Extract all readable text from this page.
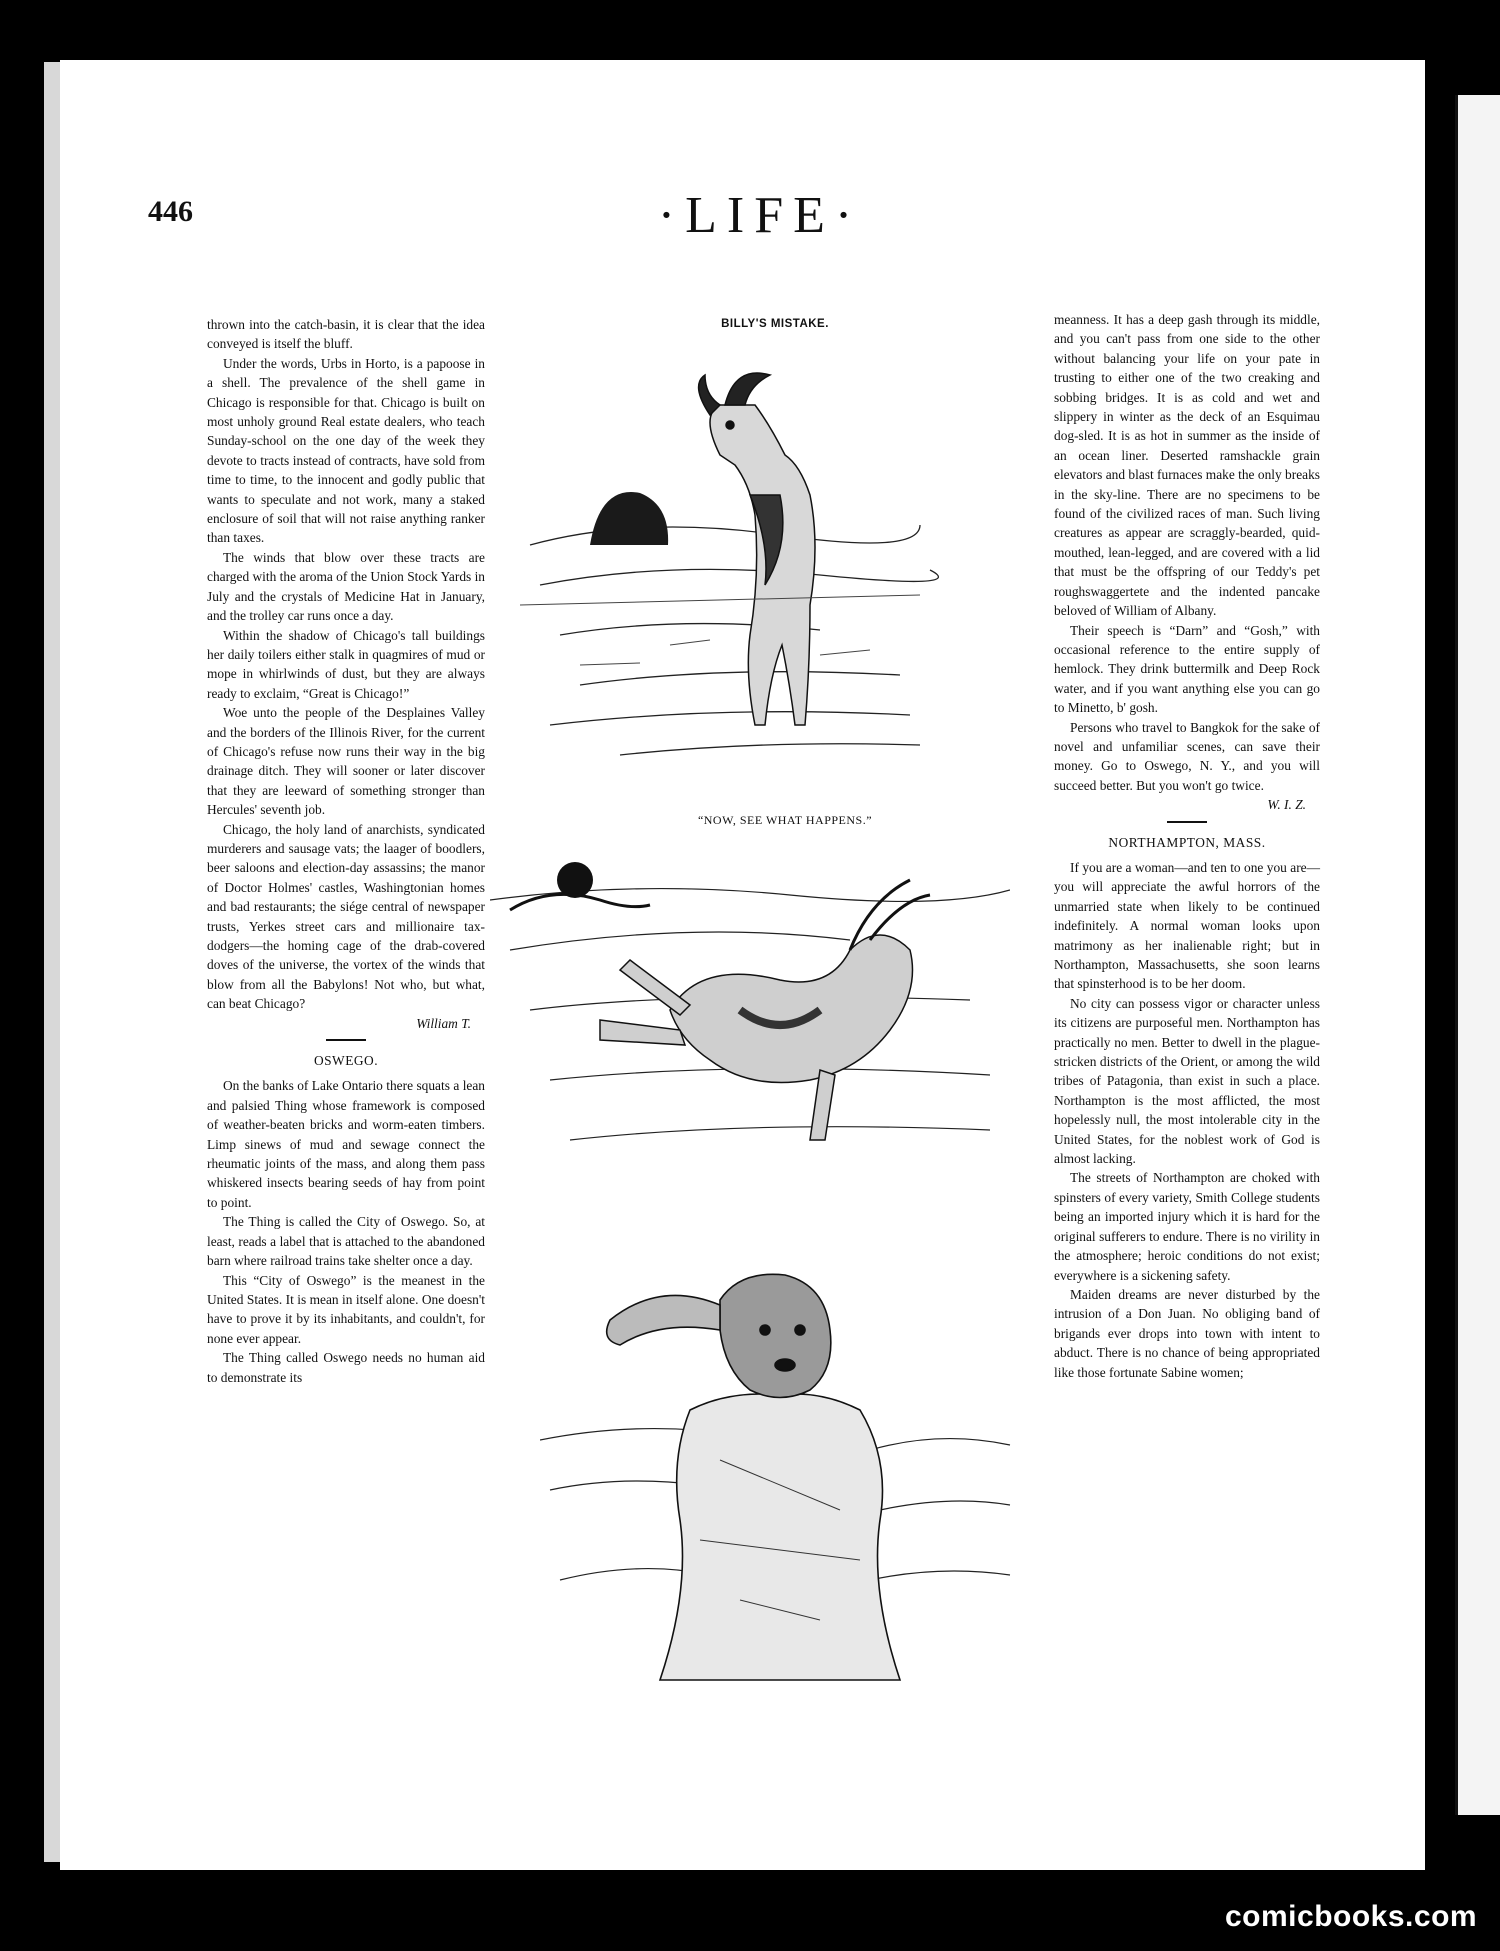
446	·LIFE·

thrown into the catch-basin, it is clear that the idea conveyed is itself the bluff.

Under the words, Urbs in Horto, is a papoose in a shell. The prevalence of the shell game in Chicago is responsible for that. Chicago is built on most unholy ground Real estate dealers, who teach Sunday-school on the one day of the week they devote to tracts instead of contracts, have sold from time to time, to the innocent and godly public that wants to speculate and not work, many a staked enclosure of soil that will not raise anything ranker than taxes.

The winds that blow over these tracts are charged with the aroma of the Union Stock Yards in July and the crystals of Medicine Hat in January, and the trolley car runs once a day.

Within the shadow of Chicago's tall buildings her daily toilers either stalk in quagmires of mud or mope in whirlwinds of dust, but they are always ready to exclaim, “Great is Chicago!”

Woe unto the people of the Desplaines Valley and the borders of the Illinois River, for the current of Chicago's refuse now runs their way in the big drainage ditch. They will sooner or later discover that they are leeward of something stronger than Hercules' seventh job.

Chicago, the holy land of anarchists, syndicated murderers and sausage vats; the laager of boodlers, beer saloons and election-day assassins; the manor of Doctor Holmes' castles, Washingtonian homes and bad restaurants; the siége central of newspaper trusts, Yerkes street cars and millionaire tax-dodgers—the homing cage of the drab-covered doves of the universe, the vortex of the winds that blow from all the Babylons! Not who, but what, can beat Chicago?

William T.
OSWEGO.

On the banks of Lake Ontario there squats a lean and palsied Thing whose framework is composed of weather-beaten bricks and worm-eaten timbers. Limp sinews of mud and sewage connect the rheumatic joints of the mass, and along them pass whiskered insects bearing seeds of hay from point to point.

The Thing is called the City of Oswego. So, at least, reads a label that is attached to the abandoned barn where railroad trains take shelter once a day.

This “City of Oswego” is the meanest in the United States. It is mean in itself alone. One doesn't have to prove it by its inhabitants, and couldn't, for none ever appear.

The Thing called Oswego needs no human aid to demonstrate its

BILLY'S MISTAKE.
“NOW, SEE WHAT HAPPENS.”

meanness. It has a deep gash through its middle, and you can't pass from one side to the other without balancing your life on your pate in trusting to either one of the two creaking and sobbing bridges. It is as cold and wet and slippery in winter as the deck of an Esquimau dog-sled. It is as hot in summer as the inside of an ocean liner. Deserted ramshackle grain elevators and blast furnaces make the only breaks in the sky-line. There are no specimens to be found of the civilized races of man. Such living creatures as appear are scraggly-bearded, quid-mouthed, lean-legged, and are covered with a lid that must be the offspring of our Teddy's pet roughswaggertete and the indented pancake beloved of William of Albany.

Their speech is “Darn” and “Gosh,” with occasional reference to the entire supply of hemlock. They drink buttermilk and Deep Rock water, and if you want anything else you can go to Minetto, b' gosh.

Persons who travel to Bangkok for the sake of novel and unfamiliar scenes, can save their money. Go to Oswego, N. Y., and you will succeed better. But you won't go twice.

W. I. Z.
NORTHAMPTON, MASS.

If you are a woman—and ten to one you are—you will appreciate the awful horrors of the unmarried state when likely to be continued indefinitely. A normal woman looks upon matrimony as her inalienable right; but in Northampton, Massachusetts, she soon learns that spinsterhood is to be her doom.

No city can possess vigor or character unless its citizens are purposeful men. Northampton has practically no men. Better to dwell in the plague-stricken districts of the Orient, or among the wild tribes of Patagonia, than exist in such a place. Northampton is the most afflicted, the most hopelessly null, the most intolerable city in the United States, for the noblest work of God is almost lacking.

The streets of Northampton are choked with spinsters of every variety, Smith College students being an imported injury which it is hard for the original sufferers to endure. There is no virility in the atmosphere; heroic conditions do not exist; everywhere is a sickening safety.

Maiden dreams are never disturbed by the intrusion of a Don Juan. No obliging band of brigands ever drops into town with intent to abduct. There is no chance of being appropriated like those fortunate Sabine women;

comicbooks.com
